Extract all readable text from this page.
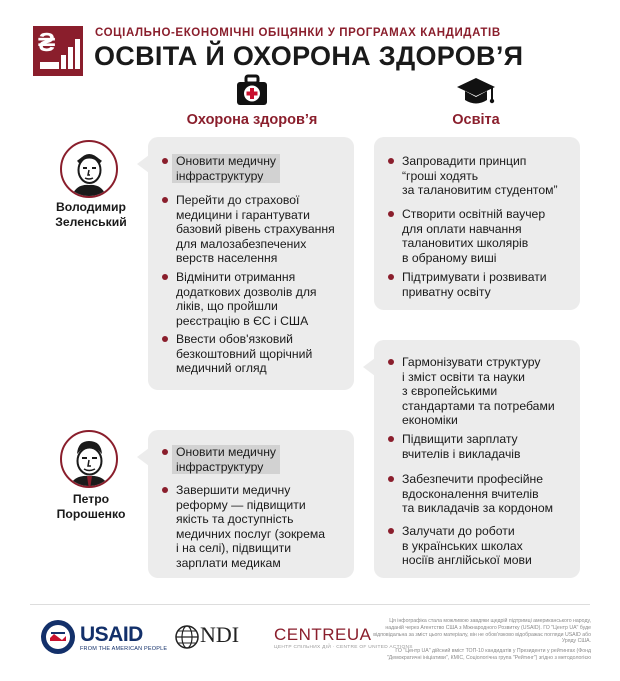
₴	СОЦІАЛЬНО-ЕКОНОМІЧНІ ОБІЦЯНКИ У ПРОГРАМАХ КАНДИДАТІВ
ОСВІТА Й ОХОРОНА ЗДОРОВ’Я
Охорона здоров’я	Освіта
Володимир
Зеленський
Оновити медичну
інфраструктуру
Перейти до страхової
медицини і гарантувати
базовий рівень страхування
для малозабезпечених
верств населення
Відмінити отримання
додаткових дозволів для
ліків, що пройшли
реєстрацію в ЄС і США
Ввести обов'язковий
безкоштовний щорічний
медичний огляд
Запровадити принцип
“гроші ходять
за талановитим студентом”
Створити освітній ваучер
для оплати навчання
талановитих школярів
в обраному виші
Підтримувати і розвивати
приватну освіту
Петро
Порошенко
Оновити медичну
інфраструктуру
Завершити медичну
реформу — підвищити
якість та доступність
медичних послуг (зокрема
і на селі), підвищити
зарплати медикам
Гармонізувати структуру
і зміст освіти та науки
з європейськими
стандартами та потребами
економіки
Підвищити зарплату
вчителів і викладачів
Забезпечити професійне
вдосконалення вчителів
та викладачів за кордоном
Залучати до роботи
в українських школах
носіїв англійської мови
USAID
FROM THE AMERICAN PEOPLE
NDI CENTREUA
ЦЕНТР СПІЛЬНИХ ДІЙ · CENTRE OF UNITED ACTIONS
Ця інфографіка стала можливою завдяки щедрій підтримці американського народу, наданій через Агентство США з Міжнародного Розвитку (USAID). ГО "Центр UA" буде відповідальна за зміст цього матеріалу, він не обов'язково відображає погляди USAID або Уряду США.
ГО "Центр UA" дійсний вміст ТОП-10 кандидатів у Президенти у рейтингах (Фонд "Демократичні ініціативи", КМІС, Соціологічна група "Рейтинг") згідно з методологією
